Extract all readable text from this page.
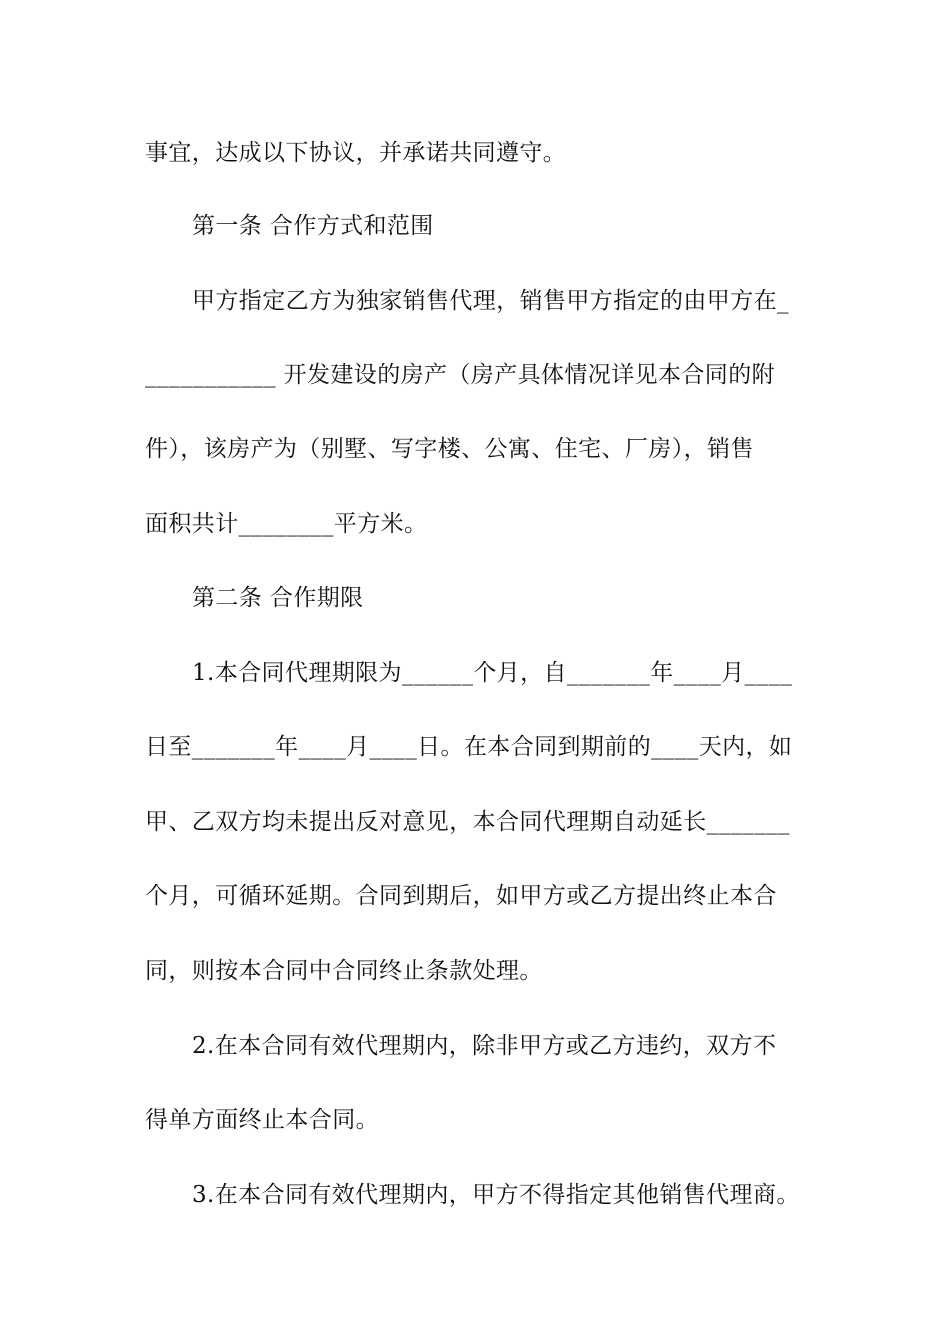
事宜，达成以下协议，并承诺共同遵守。
第一条 合作方式和范围
甲方指定乙方为独家销售代理，销售甲方指定的由甲方在_
___________ 开发建设的房产（房产具体情况详见本合同的附
件），该房产为（别墅、写字楼、公寓、住宅、厂房），销售
面积共计________平方米。
第二条 合作期限
1.本合同代理期限为______个月，自_______年____月____
日至_______年____月____日。在本合同到期前的____天内，如
甲、乙双方均未提出反对意见，本合同代理期自动延长_______
个月，可循环延期。合同到期后，如甲方或乙方提出终止本合
同，则按本合同中合同终止条款处理。
2.在本合同有效代理期内，除非甲方或乙方违约，双方不
得单方面终止本合同。
3.在本合同有效代理期内，甲方不得指定其他销售代理商。
